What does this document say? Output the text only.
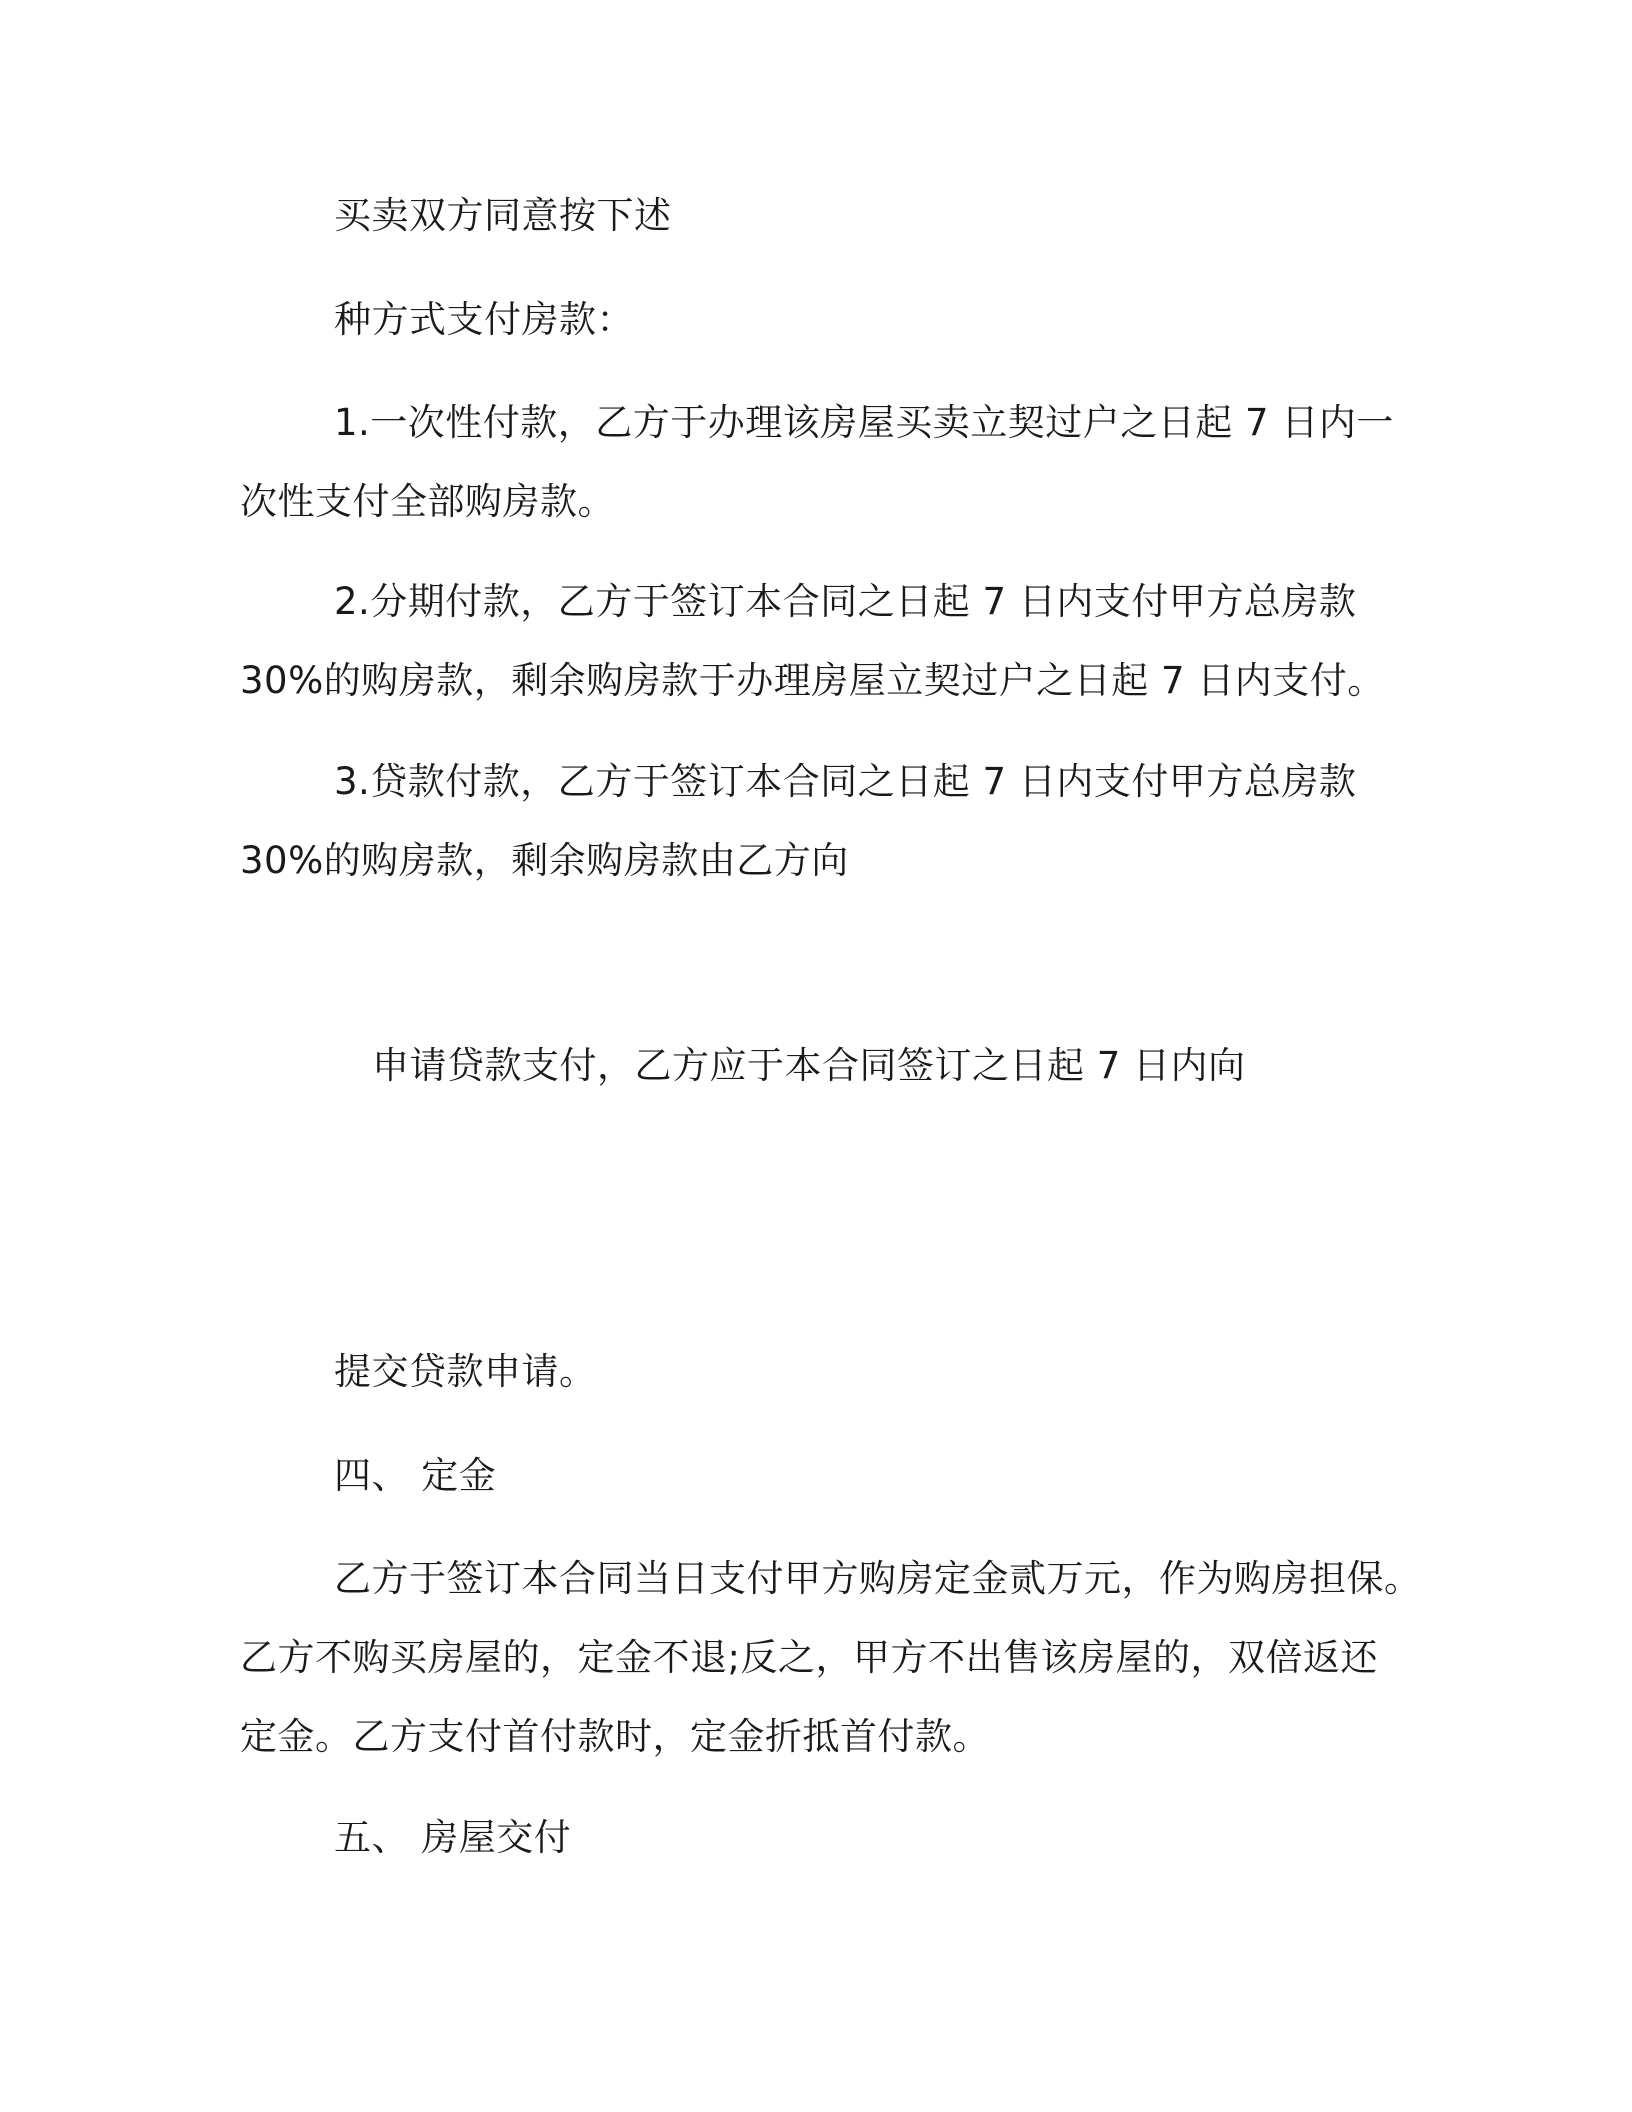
买卖双方同意按下述
种方式支付房款：
1.一次性付款，乙方于办理该房屋买卖立契过户之日起 7 日内一
次性支付全部购房款。
2.分期付款，乙方于签订本合同之日起 7 日内支付甲方总房款
30%的购房款，剩余购房款于办理房屋立契过户之日起 7 日内支付。
3.贷款付款，乙方于签订本合同之日起 7 日内支付甲方总房款
30%的购房款，剩余购房款由乙方向
申请贷款支付，乙方应于本合同签订之日起 7 日内向
提交贷款申请。
四、 定金
乙方于签订本合同当日支付甲方购房定金贰万元，作为购房担保。
乙方不购买房屋的，定金不退;反之，甲方不出售该房屋的，双倍返还
定金。乙方支付首付款时，定金折抵首付款。
五、 房屋交付
